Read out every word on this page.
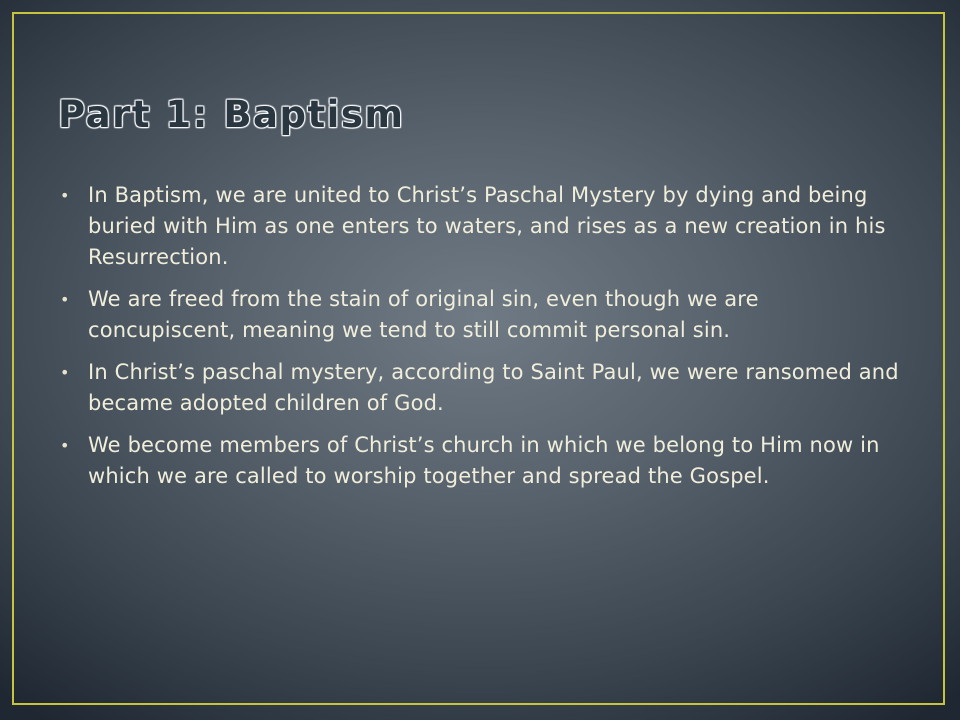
Part 1: Baptism
• In Baptism, we are united to Christ’s Paschal Mystery by dying and being buried with Him as one enters to waters, and rises as a new creation in his Resurrection.
• We are freed from the stain of original sin, even though we are concupiscent, meaning we tend to still commit personal sin.
• In Christ’s paschal mystery, according to Saint Paul, we were ransomed and became adopted children of God.
• We become members of Christ’s church in which we belong to Him now in which we are called to worship together and spread the Gospel.
